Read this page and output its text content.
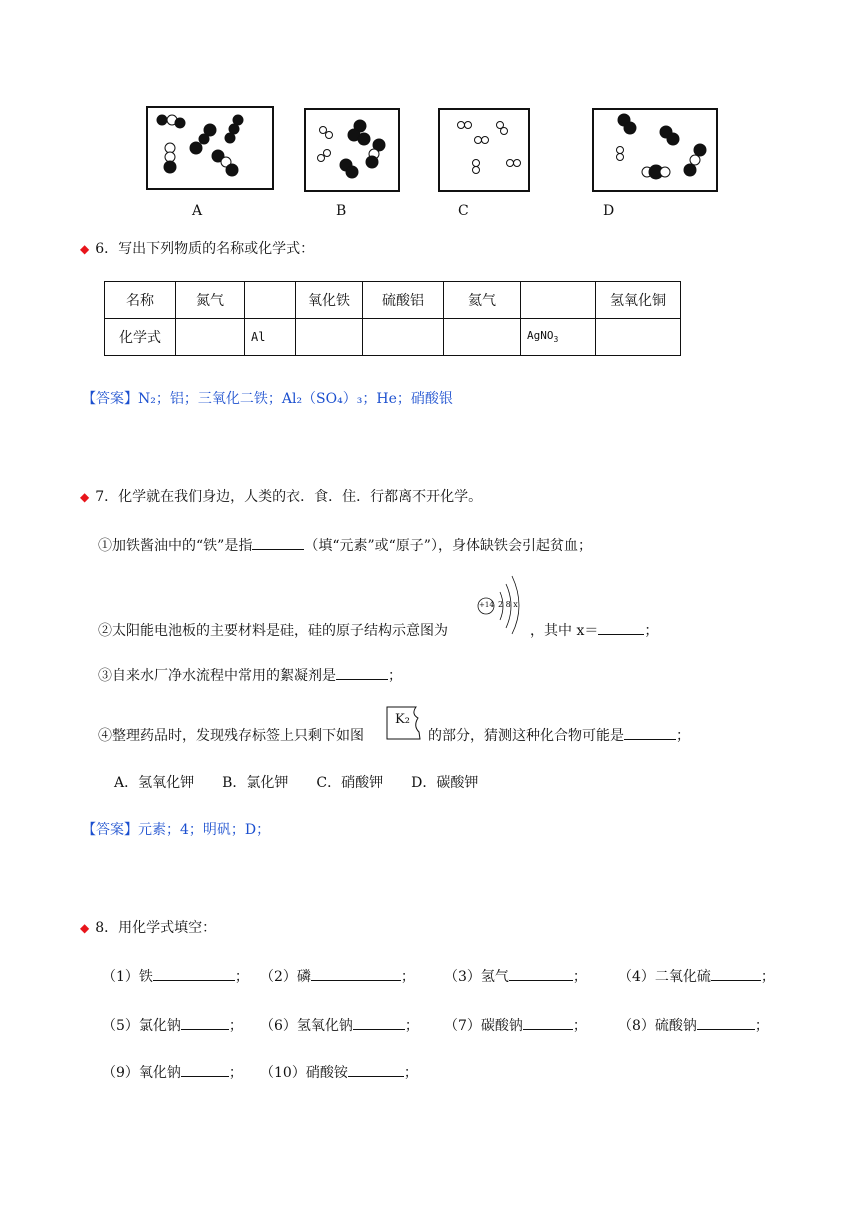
A	B	C	D
◆ 6．写出下列物质的名称或化学式：
名称	氮气		氧化铁	硫酸铝	氦气		氢氧化铜
化学式		Al				AgNO$_3$	
【答案】N₂；铝；三氧化二铁；Al₂（SO₄）₃；He；硝酸银
◆ 7．化学就在我们身边，人类的衣．食．住．行都离不开化学。
①加铁酱油中的“铁”是指	（填“元素”或“原子”），身体缺铁会引起贫血；
②太阳能电池板的主要材料是硅，硅的原子结构示意图为
+14 2 8 x
，其中 x＝	；
③自来水厂净水流程中常用的絮凝剂是	；
④整理药品时，发现残存标签上只剩下如图
K₂
的部分，猜测这种化合物可能是	；
A．氢氧化钾　　B．氯化钾　　C．硝酸钾　　D．碳酸钾
【答案】元素；4；明矾；D；
◆ 8．用化学式填空：
（1）铁	； （2）磷	； （3）氢气	； （4）二氧化硫	；
（5）氯化钠	； （6）氢氧化钠	； （7）碳酸钠	； （8）硫酸钠	；
（9）氧化钠	； （10）硝酸铵	；
